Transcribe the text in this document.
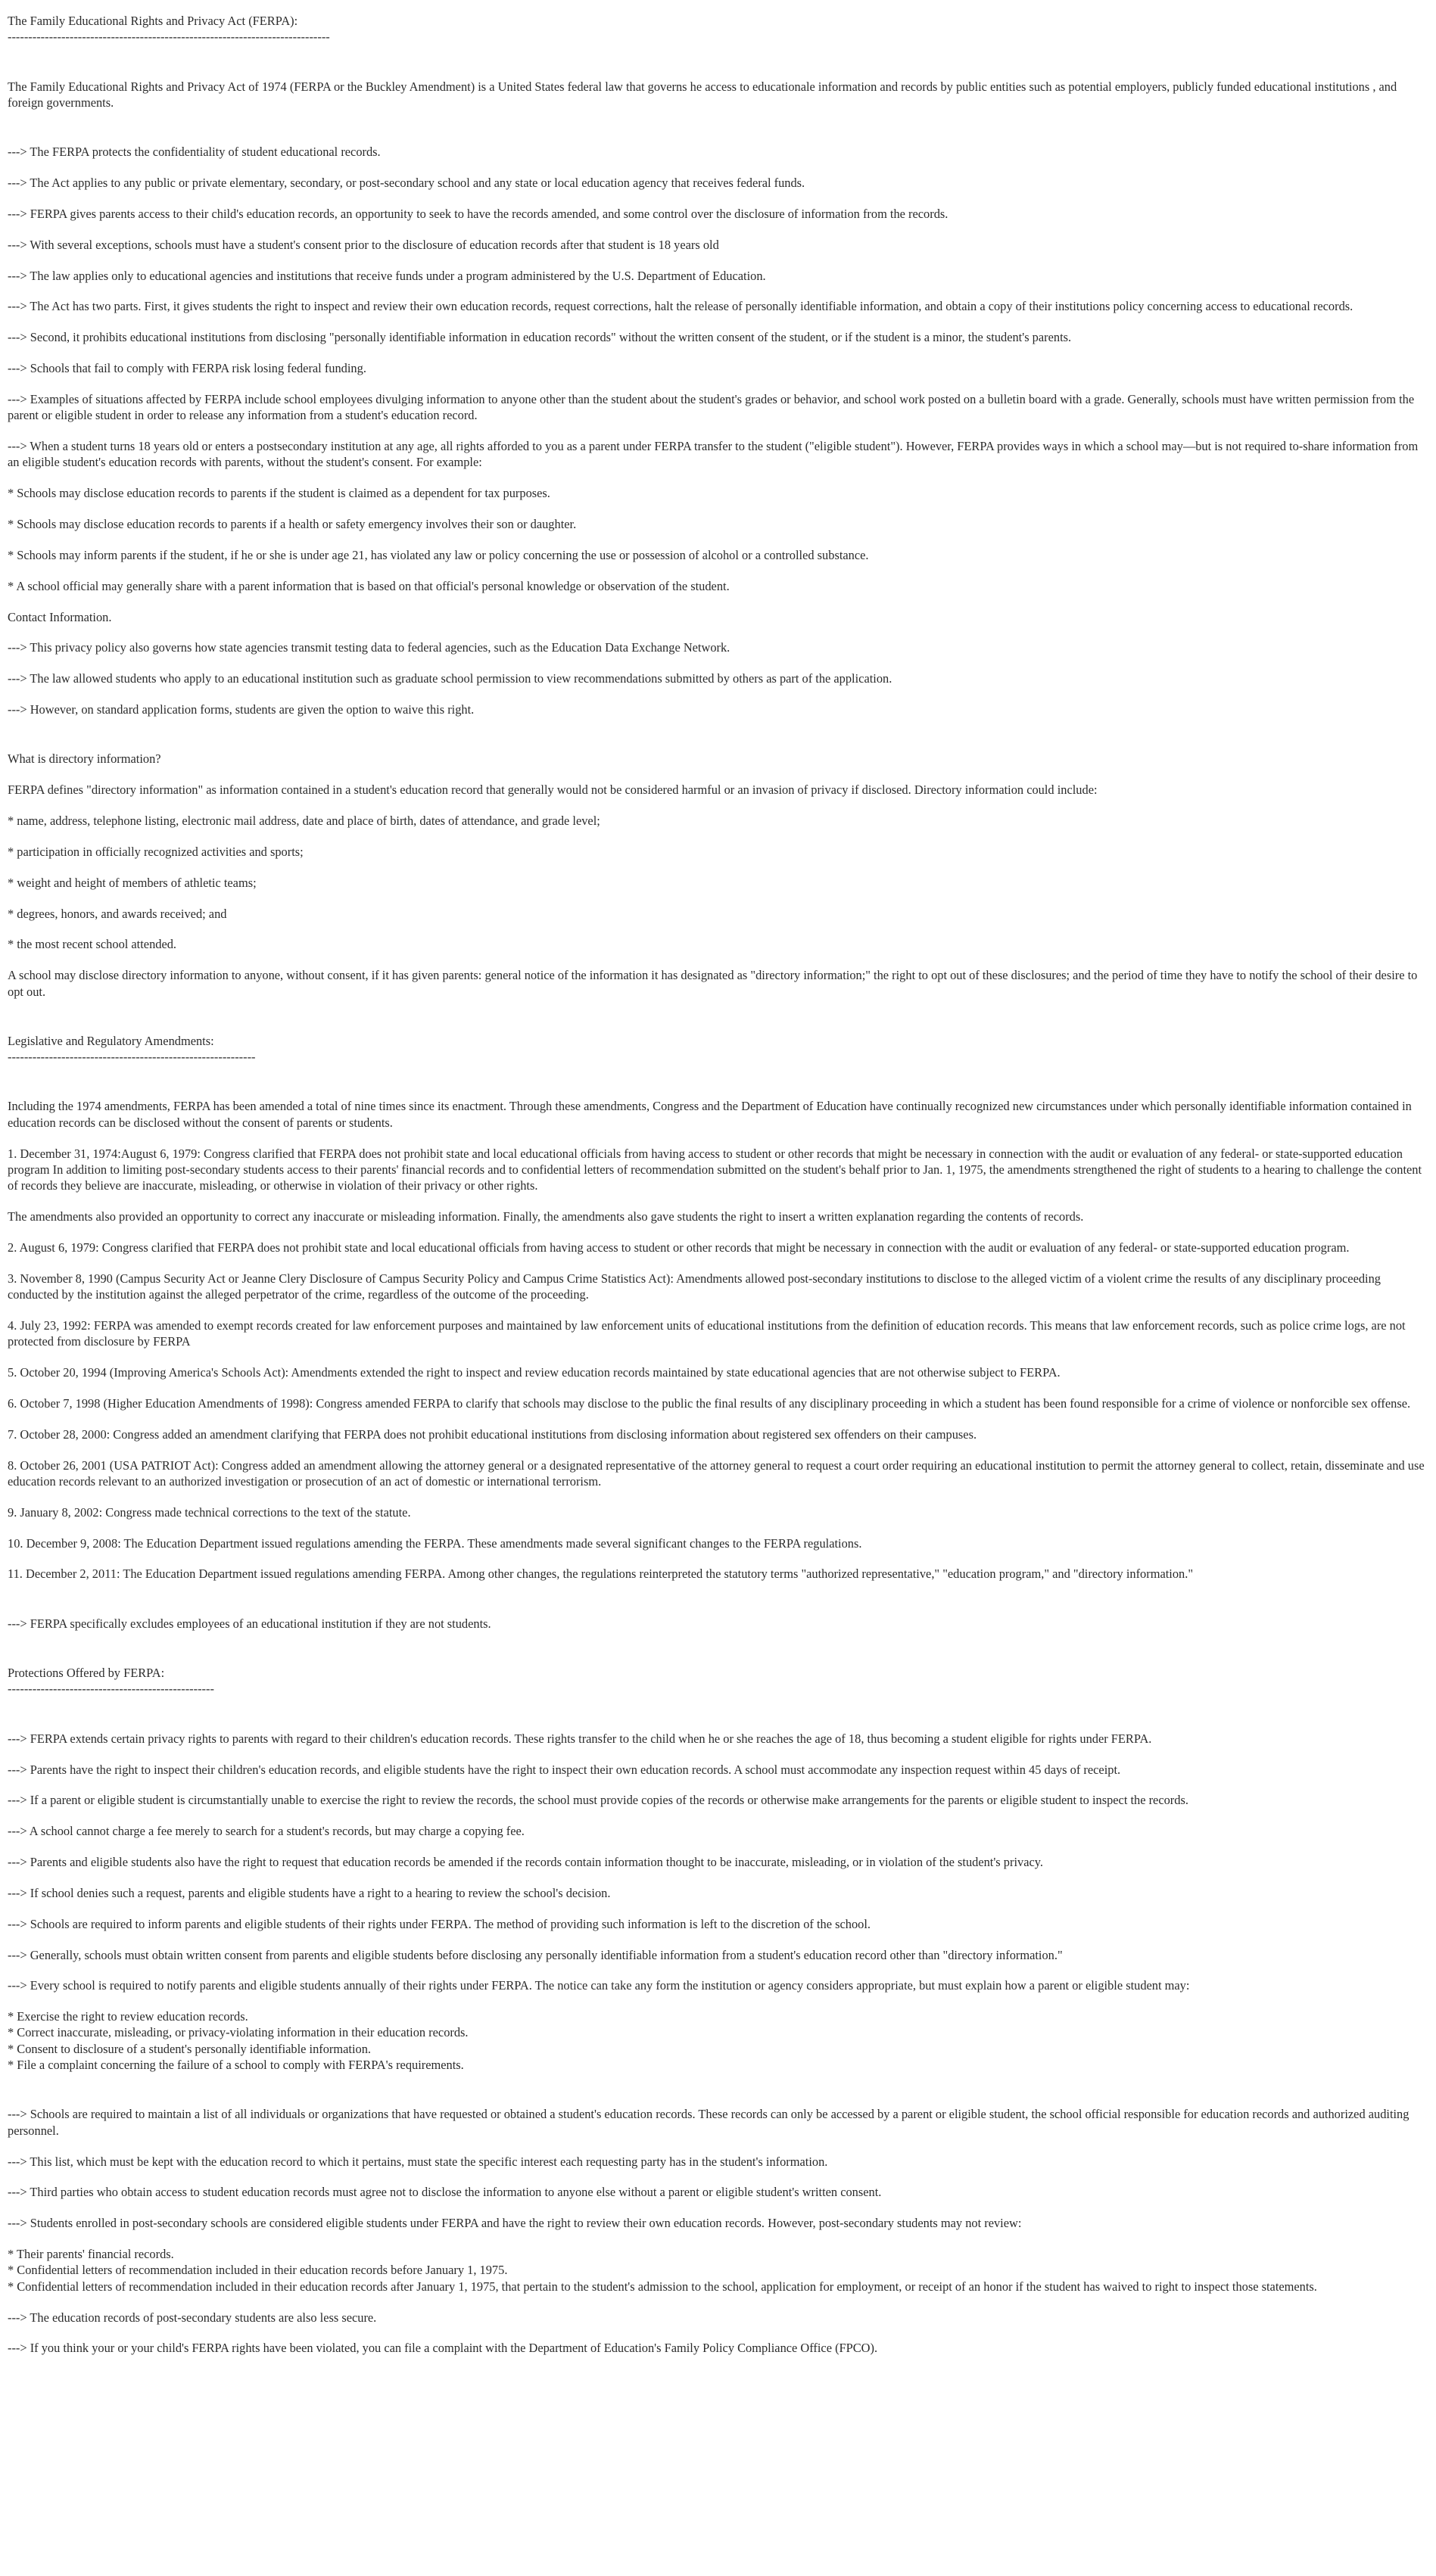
The Family Educational Rights and Privacy Act (FERPA):

------------------------------------------------------------------------------

The Family Educational Rights and Privacy Act of 1974 (FERPA or the Buckley Amendment) is a United States federal law that governs he access to educationale information and records by public entities such as potential employers, publicly funded educational institutions , and foreign governments.

---> The FERPA protects the confidentiality of student educational records.

---> The Act applies to any public or private elementary, secondary, or post-secondary school and any state or local education agency that receives federal funds.

---> FERPA gives parents access to their child's education records, an opportunity to seek to have the records amended, and some control over the disclosure of information from the records.

---> With several exceptions, schools must have a student's consent prior to the disclosure of education records after that student is 18 years old

---> The law applies only to educational agencies and institutions that receive funds under a program administered by the U.S. Department of Education.

---> The Act has two parts. First, it gives students the right to inspect and review their own education records, request corrections, halt the release of personally identifiable information, and obtain a copy of their institutions policy concerning access to educational records.

---> Second, it prohibits educational institutions from disclosing "personally identifiable information in education records" without the written consent of the student, or if the student is a minor, the student's parents.

---> Schools that fail to comply with FERPA risk losing federal funding.

---> Examples of situations affected by FERPA include school employees divulging information to anyone other than the student about the student's grades or behavior, and school work posted on a bulletin board with a grade. Generally, schools must have written permission from the parent or eligible student in order to release any information from a student's education record.

---> When a student turns 18 years old or enters a postsecondary institution at any age, all rights afforded to you as a parent under FERPA transfer to the student ("eligible student"). However, FERPA provides ways in which a school may—but is not required to-share information from an eligible student's education records with parents, without the student's consent. For example:

* Schools may disclose education records to parents if the student is claimed as a dependent for tax purposes.

* Schools may disclose education records to parents if a health or safety emergency involves their son or daughter.

* Schools may inform parents if the student, if he or she is under age 21, has violated any law or policy concerning the use or possession of alcohol or a controlled substance.

* A school official may generally share with a parent information that is based on that official's personal knowledge or observation of the student.

Contact Information.

---> This privacy policy also governs how state agencies transmit testing data to federal agencies, such as the Education Data Exchange Network.

---> The law allowed students who apply to an educational institution such as graduate school permission to view recommendations submitted by others as part of the application.

---> However, on standard application forms, students are given the option to waive this right.

What is directory information?

FERPA defines "directory information" as information contained in a student's education record that generally would not be considered harmful or an invasion of privacy if disclosed. Directory information could include:

* name, address, telephone listing, electronic mail address, date and place of birth, dates of attendance, and grade level;

* participation in officially recognized activities and sports;

* weight and height of members of athletic teams;

* degrees, honors, and awards received; and

* the most recent school attended.

A school may disclose directory information to anyone, without consent, if it has given parents: general notice of the information it has designated as "directory information;" the right to opt out of these disclosures; and the period of time they have to notify the school of their desire to opt out.

Legislative and Regulatory Amendments:

------------------------------------------------------------

Including the 1974 amendments, FERPA has been amended a total of nine times since its enactment. Through these amendments, Congress and the Department of Education have continually recognized new circumstances under which personally identifiable information contained in education records can be disclosed without the consent of parents or students.

1. December 31, 1974:August 6, 1979: Congress clarified that FERPA does not prohibit state and local educational officials from having access to student or other records that might be necessary in connection with the audit or evaluation of any federal- or state-supported education program In addition to limiting post-secondary students access to their parents' financial records and to confidential letters of recommendation submitted on the student's behalf prior to Jan. 1, 1975, the amendments strengthened the right of students to a hearing to challenge the content of records they believe are inaccurate, misleading, or otherwise in violation of their privacy or other rights.

The amendments also provided an opportunity to correct any inaccurate or misleading information. Finally, the amendments also gave students the right to insert a written explanation regarding the contents of records.

2. August 6, 1979: Congress clarified that FERPA does not prohibit state and local educational officials from having access to student or other records that might be necessary in connection with the audit or evaluation of any federal- or state-supported education program.

3. November 8, 1990 (Campus Security Act or Jeanne Clery Disclosure of Campus Security Policy and Campus Crime Statistics Act): Amendments allowed post-secondary institutions to disclose to the alleged victim of a violent crime the results of any disciplinary proceeding conducted by the institution against the alleged perpetrator of the crime, regardless of the outcome of the proceeding.

4. July 23, 1992: FERPA was amended to exempt records created for law enforcement purposes and maintained by law enforcement units of educational institutions from the definition of education records. This means that law enforcement records, such as police crime logs, are not protected from disclosure by FERPA

5. October 20, 1994 (Improving America's Schools Act): Amendments extended the right to inspect and review education records maintained by state educational agencies that are not otherwise subject to FERPA.

6. October 7, 1998 (Higher Education Amendments of 1998): Congress amended FERPA to clarify that schools may disclose to the public the final results of any disciplinary proceeding in which a student has been found responsible for a crime of violence or nonforcible sex offense.

7. October 28, 2000: Congress added an amendment clarifying that FERPA does not prohibit educational institutions from disclosing information about registered sex offenders on their campuses.

8. October 26, 2001 (USA PATRIOT Act): Congress added an amendment allowing the attorney general or a designated representative of the attorney general to request a court order requiring an educational institution to permit the attorney general to collect, retain, disseminate and use education records relevant to an authorized investigation or prosecution of an act of domestic or international terrorism.

9. January 8, 2002: Congress made technical corrections to the text of the statute.

10. December 9, 2008: The Education Department issued regulations amending the FERPA. These amendments made several significant changes to the FERPA regulations.

11. December 2, 2011: The Education Department issued regulations amending FERPA. Among other changes, the regulations reinterpreted the statutory terms "authorized representative," "education program," and "directory information."

---> FERPA specifically excludes employees of an educational institution if they are not students.

Protections Offered by FERPA:

--------------------------------------------------

---> FERPA extends certain privacy rights to parents with regard to their children's education records. These rights transfer to the child when he or she reaches the age of 18, thus becoming a student eligible for rights under FERPA.

---> Parents have the right to inspect their children's education records, and eligible students have the right to inspect their own education records. A school must accommodate any inspection request within 45 days of receipt.

---> If a parent or eligible student is circumstantially unable to exercise the right to review the records, the school must provide copies of the records or otherwise make arrangements for the parents or eligible student to inspect the records.

---> A school cannot charge a fee merely to search for a student's records, but may charge a copying fee.

---> Parents and eligible students also have the right to request that education records be amended if the records contain information thought to be inaccurate, misleading, or in violation of the student's privacy.

---> If school denies such a request, parents and eligible students have a right to a hearing to review the school's decision.

---> Schools are required to inform parents and eligible students of their rights under FERPA. The method of providing such information is left to the discretion of the school.

---> Generally, schools must obtain written consent from parents and eligible students before disclosing any personally identifiable information from a student's education record other than "directory information."

---> Every school is required to notify parents and eligible students annually of their rights under FERPA. The notice can take any form the institution or agency considers appropriate, but must explain how a parent or eligible student may:

* Exercise the right to review education records.

* Correct inaccurate, misleading, or privacy-violating information in their education records.

* Consent to disclosure of a student's personally identifiable information.

* File a complaint concerning the failure of a school to comply with FERPA's requirements.

---> Schools are required to maintain a list of all individuals or organizations that have requested or obtained a student's education records. These records can only be accessed by a parent or eligible student, the school official responsible for education records and authorized auditing personnel.

---> This list, which must be kept with the education record to which it pertains, must state the specific interest each requesting party has in the student's information.

---> Third parties who obtain access to student education records must agree not to disclose the information to anyone else without a parent or eligible student's written consent.

---> Students enrolled in post-secondary schools are considered eligible students under FERPA and have the right to review their own education records. However, post-secondary students may not review:

* Their parents' financial records.

* Confidential letters of recommendation included in their education records before January 1, 1975.

* Confidential letters of recommendation included in their education records after January 1, 1975, that pertain to the student's admission to the school, application for employment, or receipt of an honor if the student has waived to right to inspect those statements.

---> The education records of post-secondary students are also less secure.

---> If you think your or your child's FERPA rights have been violated, you can file a complaint with the Department of Education's Family Policy Compliance Office (FPCO).
